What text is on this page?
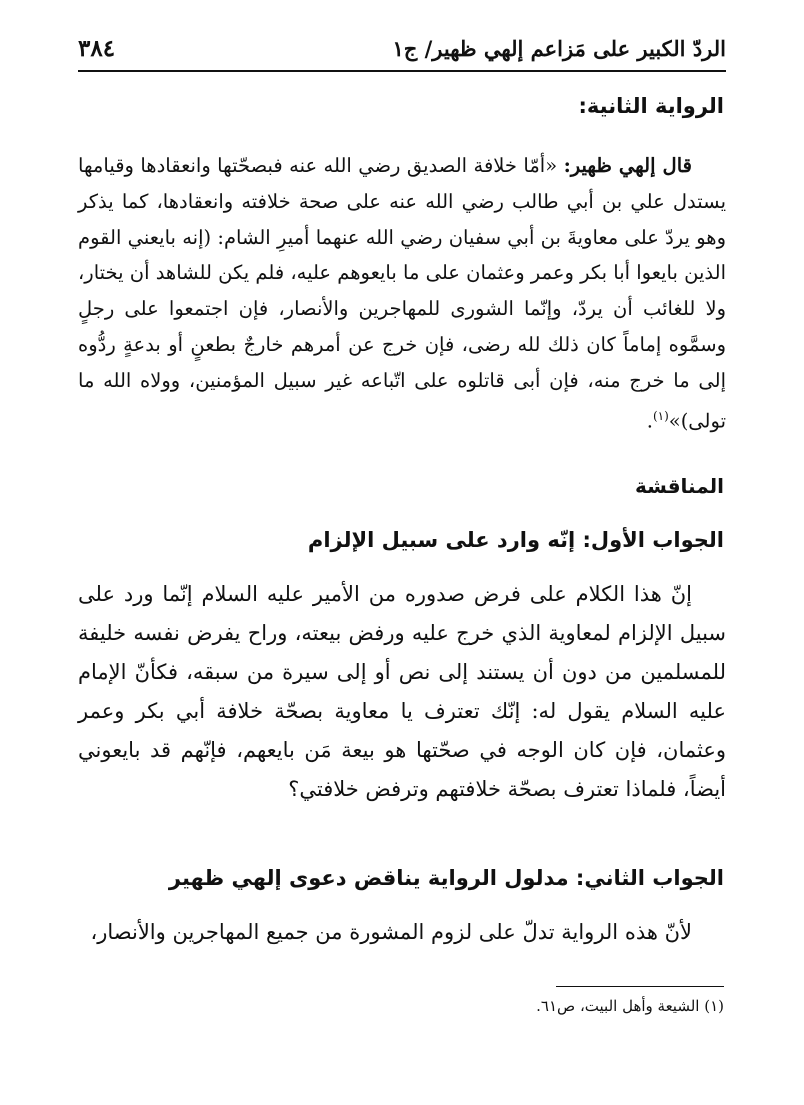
الردّ الكبير على مَزاعم إلهي ظهير/ ج١
٣٨٤
الرواية الثانية:

قال إلهي ظهير: «أمّا خلافة الصديق رضي الله عنه فبصحّتها وانعقادها وقيامها يستدل علي بن أبي طالب رضي الله عنه على صحة خلافته وانعقادها، كما يذكر وهو يردّ على معاويةَ بن أبي سفيان رضي الله عنهما أميرِ الشام: (إنه بايعني القوم الذين بايعوا أبا بكر وعمر وعثمان على ما بايعوهم عليه، فلم يكن للشاهد أن يختار، ولا للغائب أن يردّ، وإنّما الشورى للمهاجرين والأنصار، فإن اجتمعوا على رجلٍ وسمَّوه إماماً كان ذلك لله رضى، فإن خرج عن أمرهم خارجٌ بطعنٍ أو بدعةٍ ردُّوه إلى ما خرج منه، فإن أبى قاتلوه على اتّباعه غير سبيل المؤمنين، وولاه الله ما تولى)»$^{(١)}$.

المناقشة
الجواب الأول: إنّه وارد على سبيل الإلزام

إنّ هذا الكلام على فرض صدوره من الأمير عليه السلام إنّما ورد على سبيل الإلزام لمعاوية الذي خرج عليه ورفض بيعته، وراح يفرض نفسه خليفة للمسلمين من دون أن يستند إلى نص أو إلى سيرة من سبقه، فكأنّ الإمام عليه السلام يقول له: إنّك تعترف يا معاوية بصحّة خلافة أبي بكر وعمر وعثمان، فإن كان الوجه في صحّتها هو بيعة مَن بايعهم، فإنّهم قد بايعوني أيضاً، فلماذا تعترف بصحّة خلافتهم وترفض خلافتي؟

الجواب الثاني: مدلول الرواية يناقض دعوى إلهي ظهير

لأنّ هذه الرواية تدلّ على لزوم المشورة من جميع المهاجرين والأنصار،

(١) الشيعة وأهل البيت، ص٦١.
